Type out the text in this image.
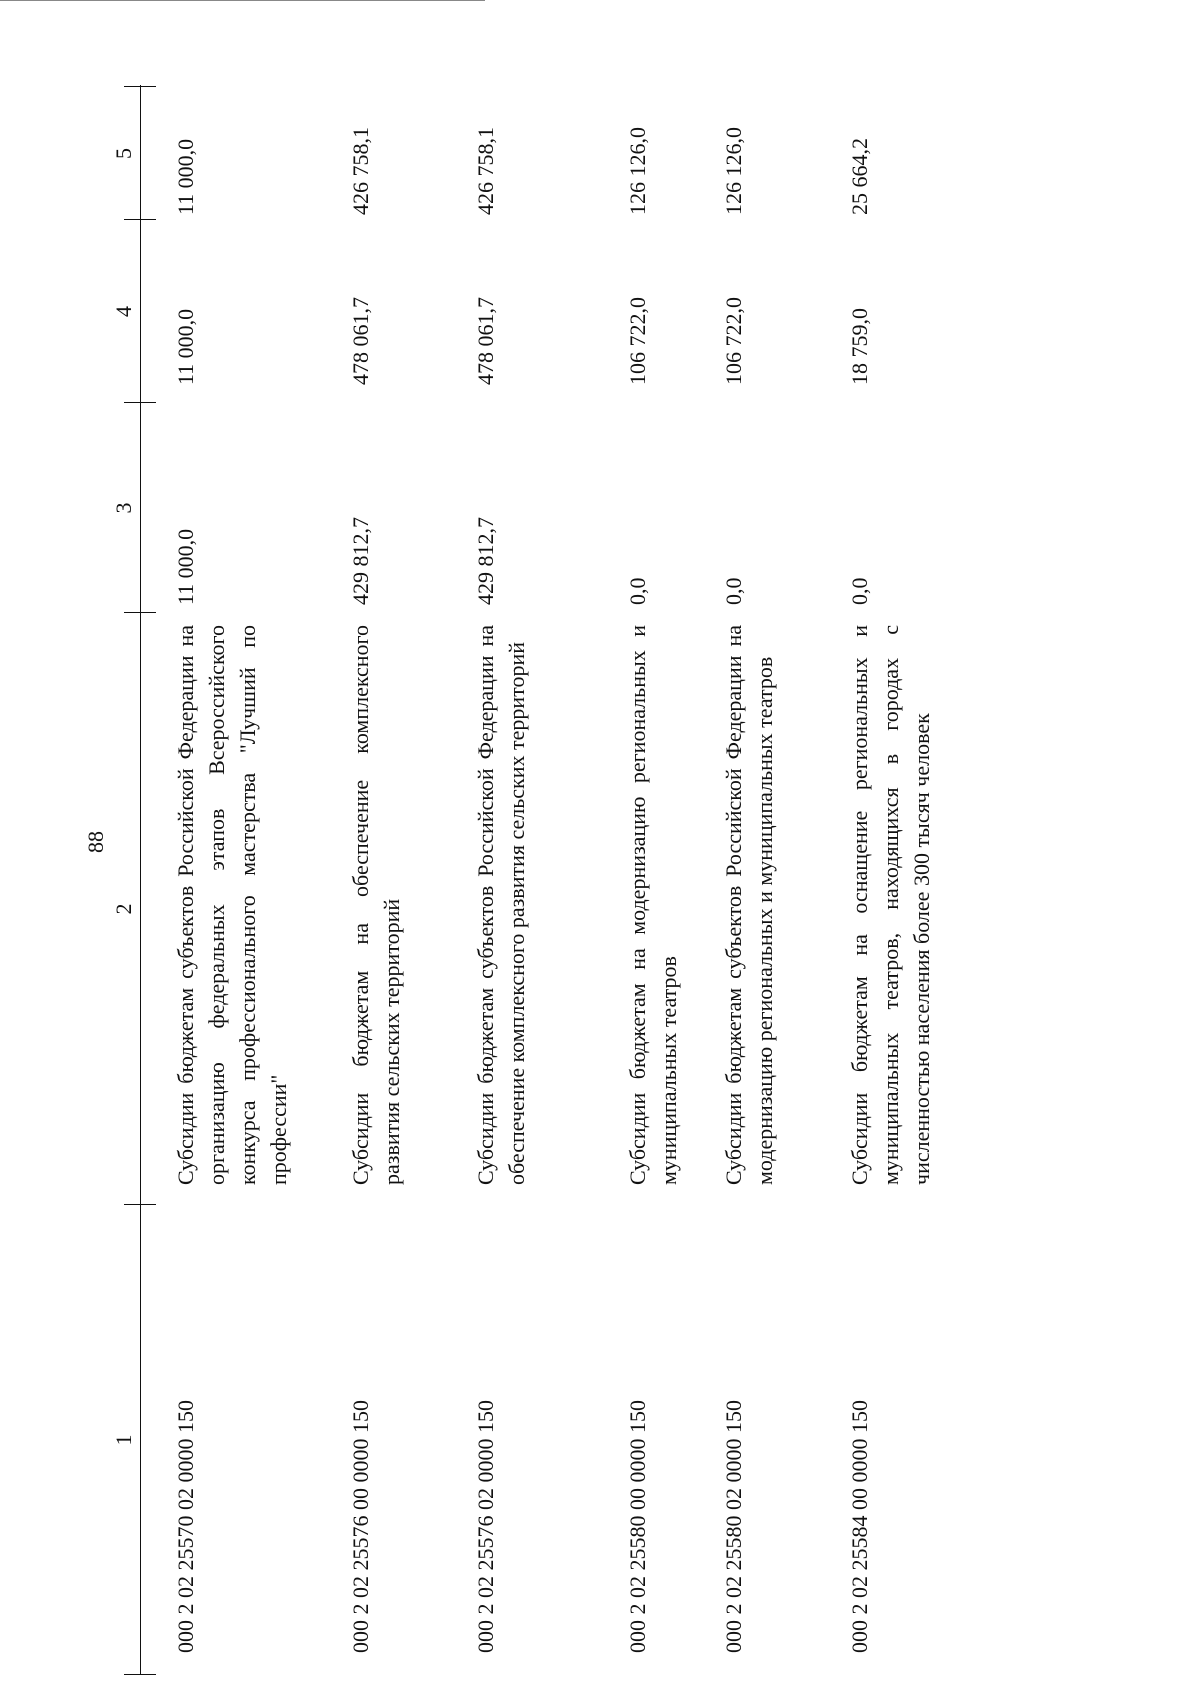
88
1
2
3
4
5
000 2 02 25570 02 0000 150
Субсидии бюджетам субъектов Российской Федерации на организацию федеральных этапов Всероссийского конкурса профессионального мастерства "Лучший по профессии"
11 000,0
11 000,0
11 000,0
000 2 02 25576 00 0000 150
Субсидии бюджетам на обеспечение комплексного развития сельских территорий
429 812,7
478 061,7
426 758,1
000 2 02 25576 02 0000 150
Субсидии бюджетам субъектов Российской Федерации на обеспечение комплексного развития сельских территорий
429 812,7
478 061,7
426 758,1
000 2 02 25580 00 0000 150
Субсидии бюджетам на модернизацию региональных и муниципальных театров
0,0
106 722,0
126 126,0
000 2 02 25580 02 0000 150
Субсидии бюджетам субъектов Российской Федерации на модернизацию региональных и муниципальных театров
0,0
106 722,0
126 126,0
000 2 02 25584 00 0000 150
Субсидии бюджетам на оснащение региональных и муниципальных театров, находящихся в городах с численностью населения более 300 тысяч человек
0,0
18 759,0
25 664,2
